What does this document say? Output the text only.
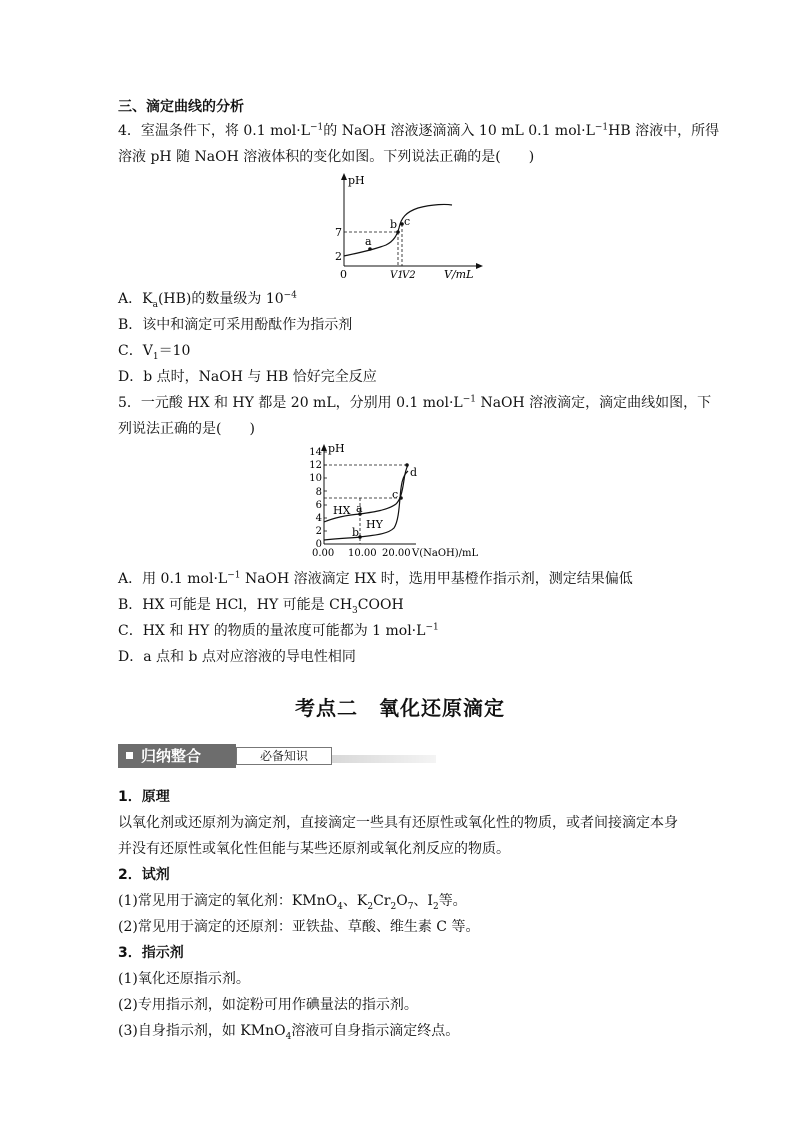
三、滴定曲线的分析
4．室温条件下，将 0.1 $mol\cdot L^{-1}$的 NaOH 溶液逐滴滴入 10 mL 0.1 $mol\cdot L^{-1}HB$ 溶液中，所得
溶液 pH 随 NaOH 溶液体积的变化如图。下列说法正确的是(　　)
pH
V/mL
0
2
7
V1
V2
a
b c
A．$K_a(HB)$的数量级为 $10^{-4}$
B．该中和滴定可采用酚酞作为指示剂
C．$V_1=10$
D．b 点时，NaOH 与 HB 恰好完全反应
5．一元酸 HX 和 HY 都是 20 mL，分别用 0.1 $mol\cdot L^{-1}$ NaOH 溶液滴定，滴定曲线如图，下
列说法正确的是(　　)
pH
0
2
4
6
8
10
12
14
0.00 10.00 20.00 V(NaOH)/mL
HX
HY
a
b
c
d
A．用 0.1 $mol\cdot L^{-1}$ NaOH 溶液滴定 HX 时，选用甲基橙作指示剂，测定结果偏低
B．HX 可能是 HCl，HY 可能是 $CH_3COOH$
C．HX 和 HY 的物质的量浓度可能都为 1 $mol\cdot L^{-1}$
D．a 点和 b 点对应溶液的导电性相同
考点二　氧化还原滴定
归纳整合	必备知识
1．原理
以氧化剂或还原剂为滴定剂，直接滴定一些具有还原性或氧化性的物质，或者间接滴定本身
并没有还原性或氧化性但能与某些还原剂或氧化剂反应的物质。
2．试剂
(1)常见用于滴定的氧化剂：KMnO$_4$、$K_2Cr_2O_7$、$I_2$等。
(2)常见用于滴定的还原剂：亚铁盐、草酸、维生素 C 等。
3．指示剂
(1)氧化还原指示剂。
(2)专用指示剂，如淀粉可用作碘量法的指示剂。
(3)自身指示剂，如 KMnO$_4$溶液可自身指示滴定终点。
